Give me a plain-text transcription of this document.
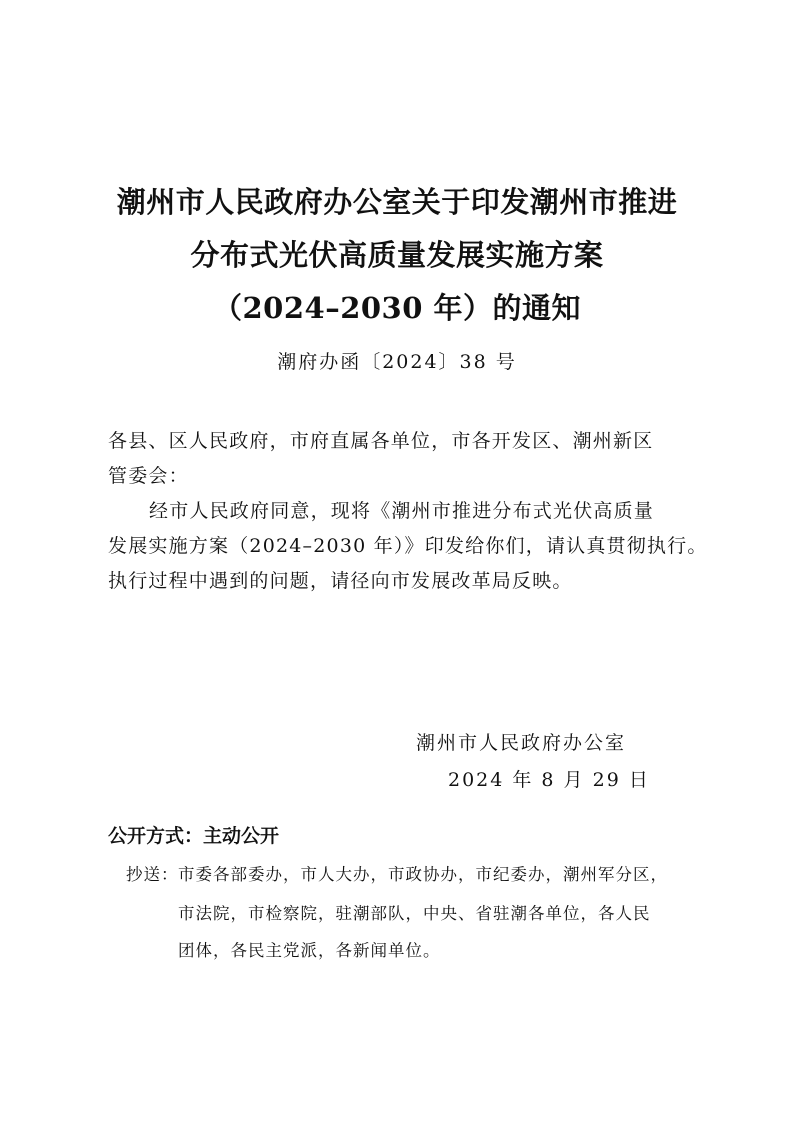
潮州市人民政府办公室关于印发潮州市推进
分布式光伏高质量发展实施方案
（2024–2030 年）的通知
潮府办函〔2024〕38 号
各县、区人民政府，市府直属各单位，市各开发区、潮州新区
管委会：
经市人民政府同意，现将《潮州市推进分布式光伏高质量
发展实施方案（2024–2030 年）》印发给你们，请认真贯彻执行。
执行过程中遇到的问题，请径向市发展改革局反映。
潮州市人民政府办公室
2024 年 8 月 29 日
公开方式：主动公开
抄送： 市委各部委办，市人大办，市政协办，市纪委办，潮州军分区，
市法院，市检察院，驻潮部队，中央、省驻潮各单位，各人民
团体，各民主党派，各新闻单位。
